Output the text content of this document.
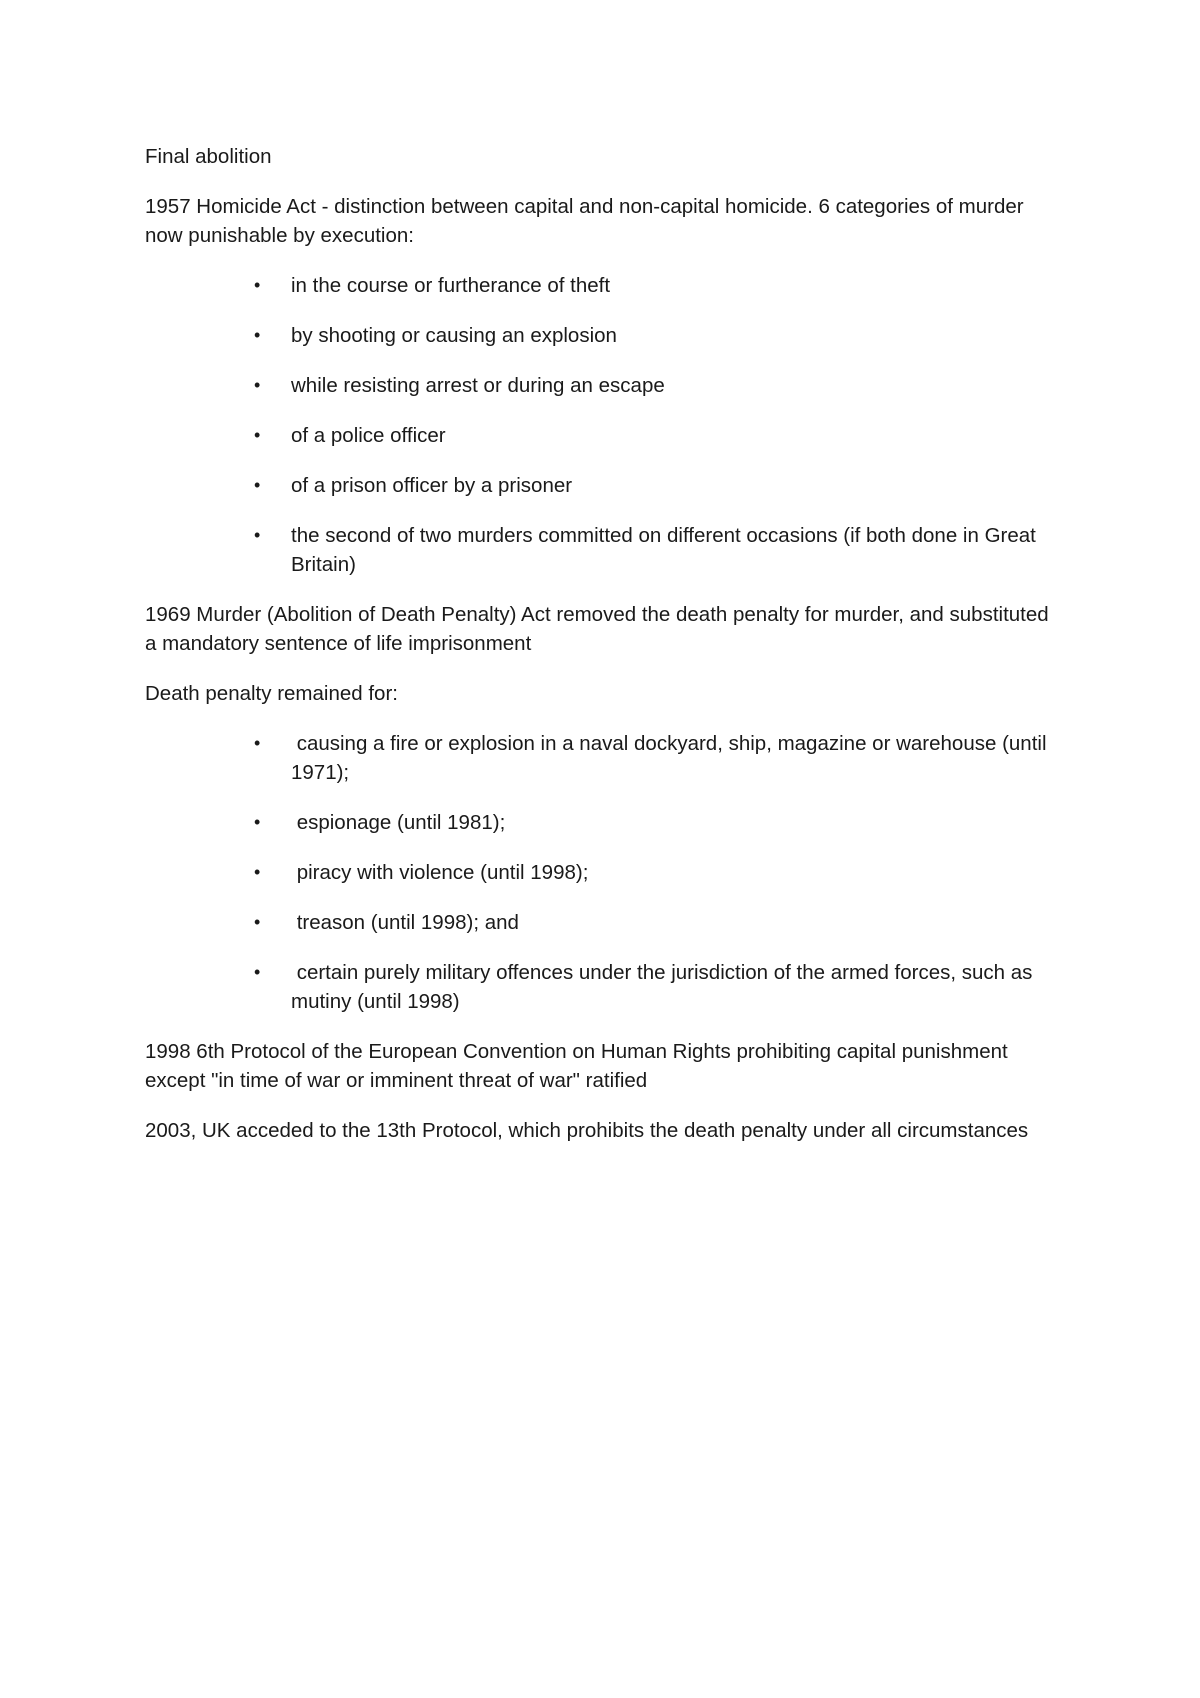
Final abolition

1957 Homicide Act - distinction between capital and non-capital homicide. 6 categories of murder now punishable by execution:

• in the course or furtherance of theft
• by shooting or causing an explosion
• while resisting arrest or during an escape
• of a police officer
• of a prison officer by a prisoner
• the second of two murders committed on different occasions (if both done in Great Britain)

1969 Murder (Abolition of Death Penalty) Act removed the death penalty for murder, and substituted a mandatory sentence of life imprisonment

Death penalty remained for:

• causing a fire or explosion in a naval dockyard, ship, magazine or warehouse (until 1971);
• espionage (until 1981);
• piracy with violence (until 1998);
• treason (until 1998); and
• certain purely military offences under the jurisdiction of the armed forces, such as mutiny (until 1998)

1998 6th Protocol of the European Convention on Human Rights prohibiting capital punishment except "in time of war or imminent threat of war" ratified

2003, UK acceded to the 13th Protocol, which prohibits the death penalty under all circumstances
